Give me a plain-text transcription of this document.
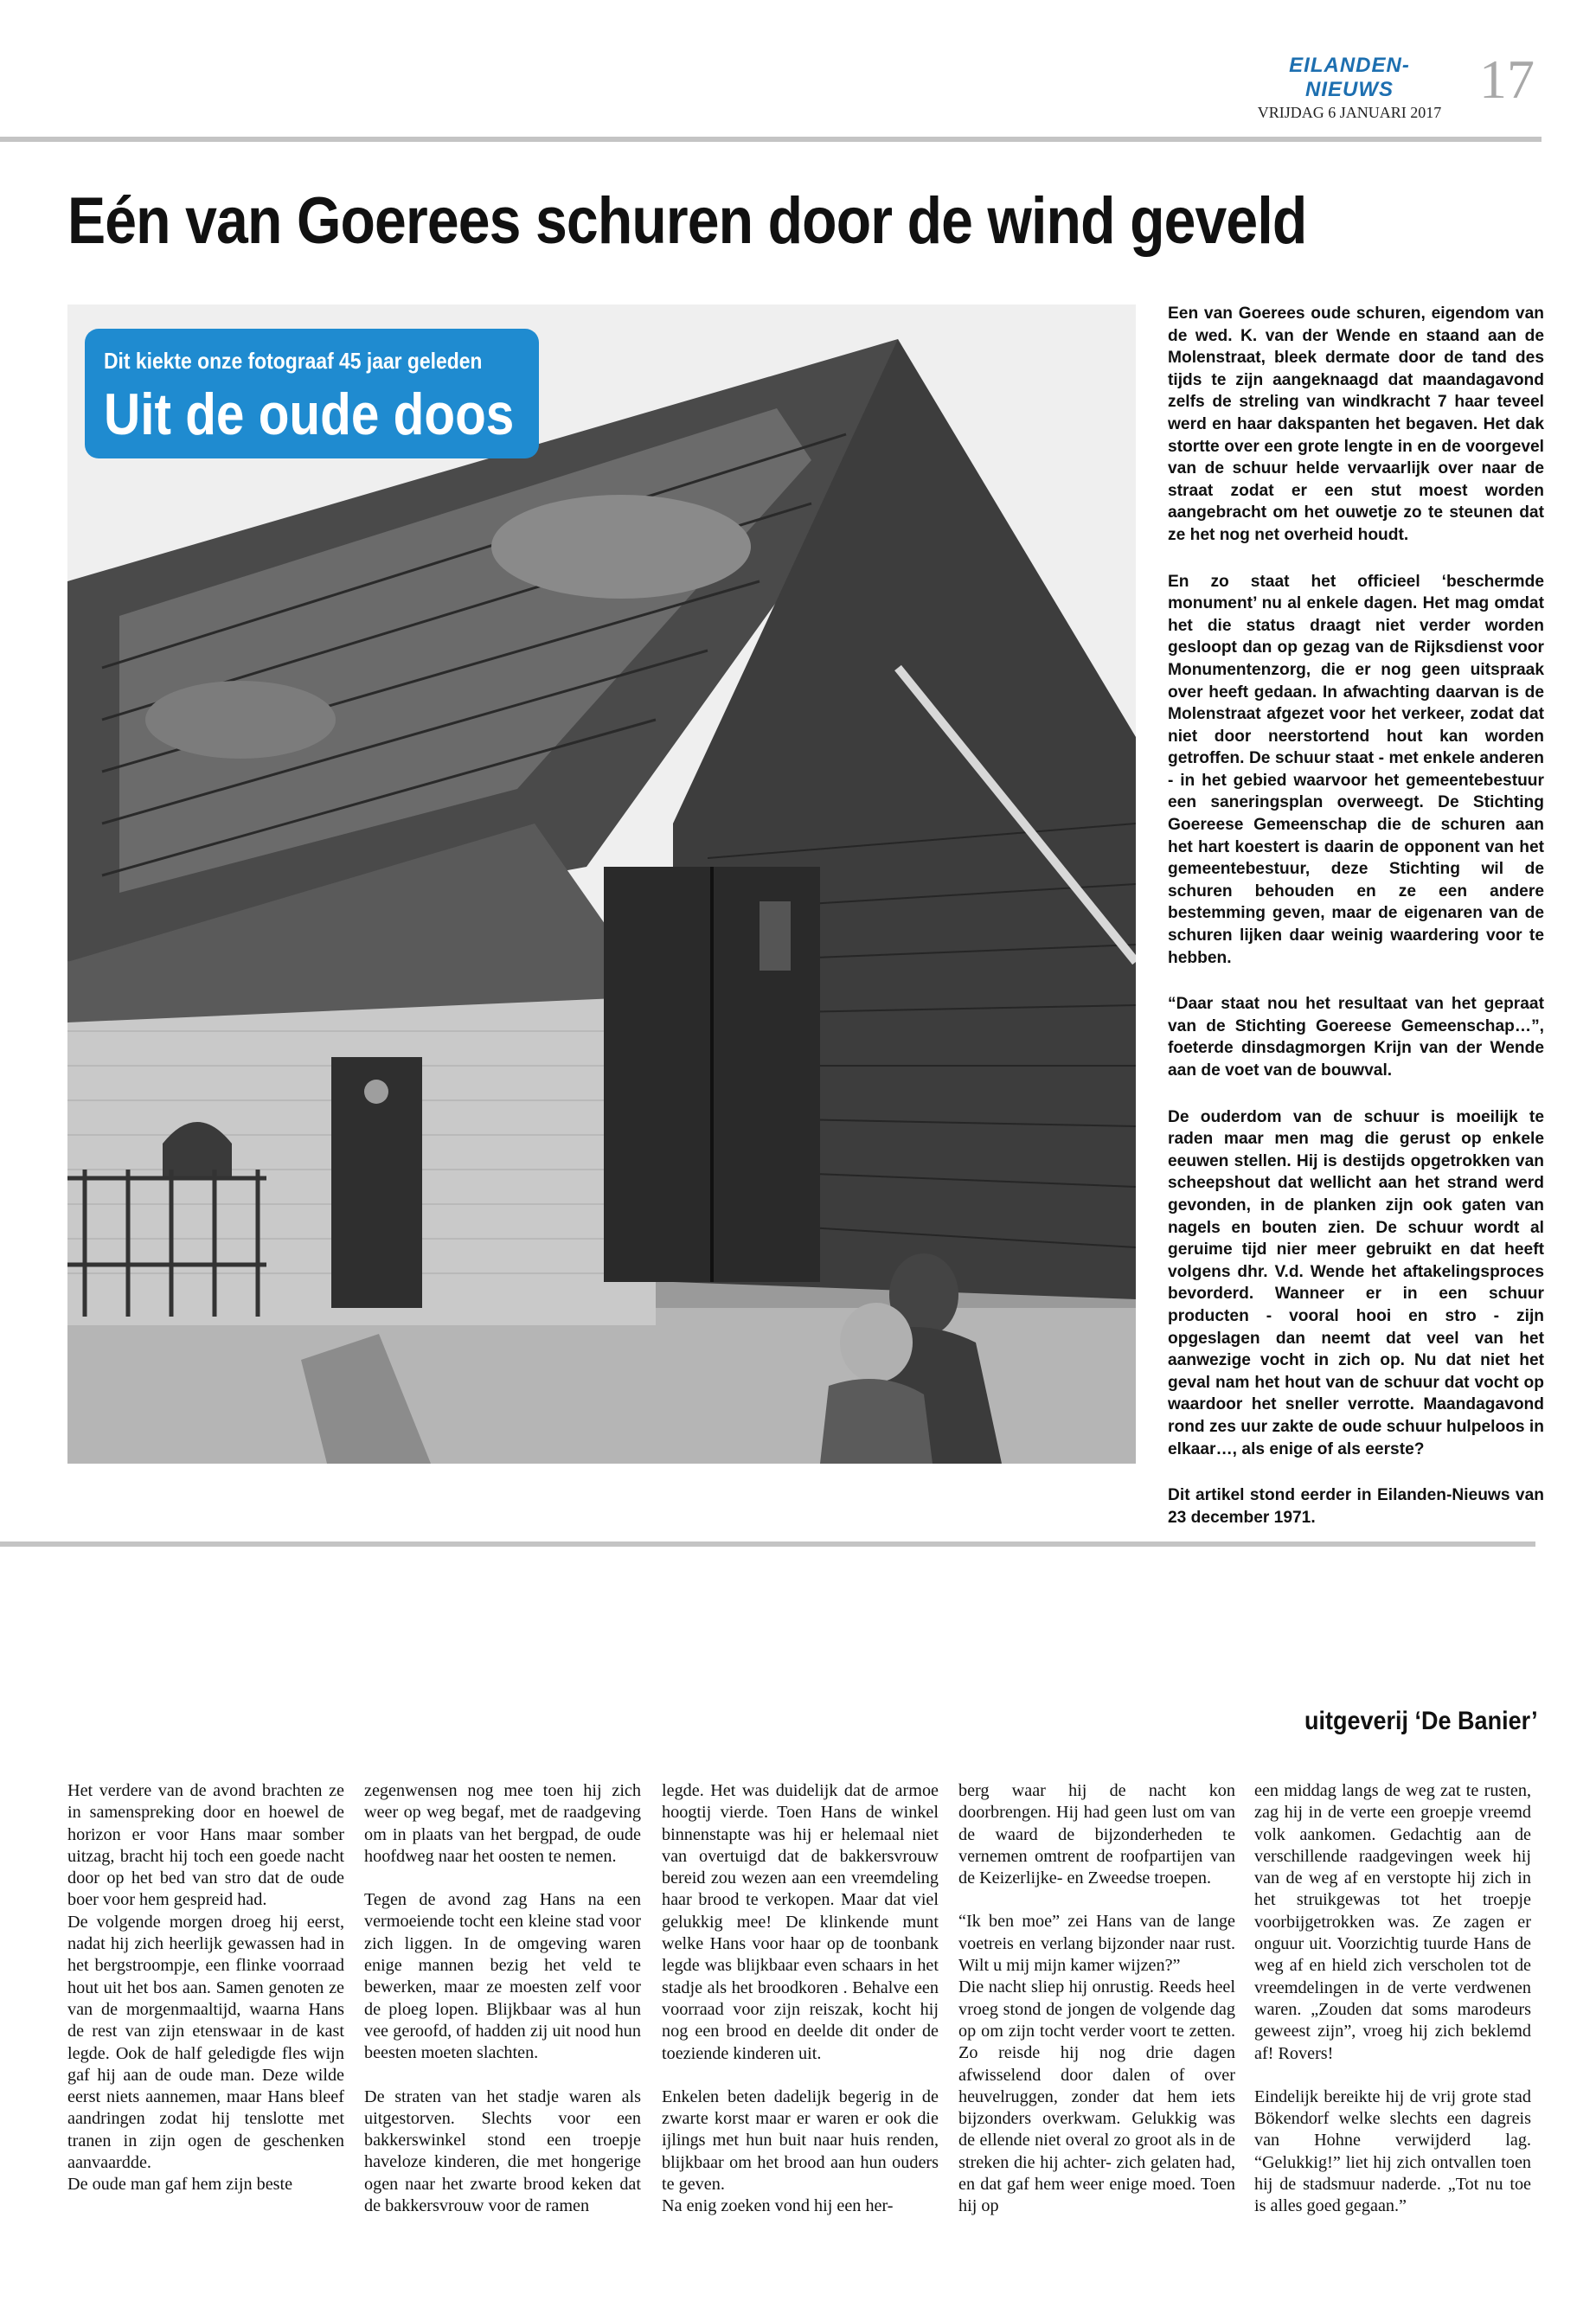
EILANDEN-NIEUWS
VRIJDAG 6 JANUARI 2017
17
Eén van Goerees schuren door de wind geveld
Dit kiekte onze fotograaf 45 jaar geleden
Uit de oude doos

Een van Goerees oude schuren, eigendom van de wed. K. van der Wende en staand aan de Molenstraat, bleek dermate door de tand des tijds te zijn aangeknaagd dat maandagavond zelfs de streling van windkracht 7 haar teveel werd en haar dakspanten het begaven. Het dak stortte over een grote lengte in en de voorgevel van de schuur helde vervaarlijk over naar de straat zodat er een stut moest worden aangebracht om het ouwetje zo te steunen dat ze het nog net overheid houdt.

En zo staat het officieel ‘beschermde monument’ nu al enkele dagen. Het mag omdat het die status draagt niet verder worden gesloopt dan op gezag van de Rijksdienst voor Monumentenzorg, die er nog geen uitspraak over heeft gedaan. In afwachting daarvan is de Molenstraat afgezet voor het verkeer, zodat dat niet door neerstortend hout kan worden getroffen. De schuur staat - met enkele anderen - in het gebied waarvoor het gemeentebestuur een saneringsplan overweegt. De Stichting Goereese Gemeenschap die de schuren aan het hart koestert is daarin de opponent van het gemeentebestuur, deze Stichting wil de schuren behouden en ze een andere bestemming geven, maar de eigenaren van de schuren lijken daar weinig waardering voor te hebben.

“Daar staat nou het resultaat van het gepraat van de Stichting Goereese Gemeenschap…”, foeterde dinsdagmorgen Krijn van der Wende aan de voet van de bouwval.

De ouderdom van de schuur is moeilijk te raden maar men mag die gerust op enkele eeuwen stellen. Hij is destijds opgetrokken van scheepshout dat wellicht aan het strand werd gevonden, in de planken zijn ook gaten van nagels en bouten zien. De schuur wordt al geruime tijd nier meer gebruikt en dat heeft volgens dhr. V.d. Wende het aftakelingsproces bevorderd. Wanneer er in een schuur producten - vooral hooi en stro - zijn opgeslagen dan neemt dat veel van het aanwezige vocht in zich op. Nu dat niet het geval nam het hout van de schuur dat vocht op waardoor het sneller verrotte. Maandagavond rond zes uur zakte de oude schuur hulpeloos in elkaar…, als enige of als eerste?

Dit artikel stond eerder in Eilanden-Nieuws van 23 december 1971.

uitgeverij ‘De Banier’

Het verdere van de avond brachten ze in samenspreking door en hoewel de horizon er voor Hans maar somber uitzag, bracht hij toch een goede nacht door op het bed van stro dat de oude boer voor hem gespreid had.
De volgende morgen droeg hij eerst, nadat hij zich heerlijk gewassen had in het bergstroompje, een flinke voorraad hout uit het bos aan. Samen genoten ze van de morgenmaaltijd, waarna Hans de rest van zijn etenswaar in de kast legde. Ook de half geledigde fles wijn gaf hij aan de oude man. Deze wilde eerst niets aannemen, maar Hans bleef aandringen zodat hij tenslotte met tranen in zijn ogen de geschenken aanvaardde.
De oude man gaf hem zijn beste

zegenwensen nog mee toen hij zich weer op weg begaf, met de raadgeving om in plaats van het bergpad, de oude hoofdweg naar het oosten te nemen.

Tegen de avond zag Hans na een vermoeiende tocht een kleine stad voor zich liggen. In de omgeving waren enige mannen bezig het veld te bewerken, maar ze moesten zelf voor de ploeg lopen. Blijkbaar was al hun vee geroofd, of hadden zij uit nood hun beesten moeten slachten.

De straten van het stadje waren als uitgestorven. Slechts voor een bakkerswinkel stond een troepje haveloze kinderen, die met hongerige ogen naar het zwarte brood keken dat de bakkersvrouw voor de ramen

legde. Het was duidelijk dat de armoe hoogtij vierde. Toen Hans de winkel binnenstapte was hij er helemaal niet van overtuigd dat de bakkersvrouw bereid zou wezen aan een vreemdeling haar brood te verkopen. Maar dat viel gelukkig mee! De klinkende munt welke Hans voor haar op de toonbank legde was blijkbaar even schaars in het stadje als het broodkoren . Behalve een voorraad voor zijn reiszak, kocht hij nog een brood en deelde dit onder de toeziende kinderen uit.

Enkelen beten dadelijk begerig in de zwarte korst maar er waren er ook die ijlings met hun buit naar huis renden, blijkbaar om het brood aan hun ouders te geven.
Na enig zoeken vond hij een her-

berg waar hij de nacht kon doorbrengen. Hij had geen lust om van de waard de bijzonderheden te vernemen omtrent de roofpartijen van de Keizerlijke- en Zweedse troepen.

“Ik ben moe” zei Hans van de lange voetreis en verlang bijzonder naar rust. Wilt u mij mijn kamer wijzen?”
Die nacht sliep hij onrustig. Reeds heel vroeg stond de jongen de volgende dag op om zijn tocht verder voort te zetten. Zo reisde hij nog drie dagen afwisselend door dalen of over heuvelruggen, zonder dat hem iets bijzonders overkwam. Gelukkig was de ellende niet overal zo groot als in de streken die hij achter- zich gelaten had, en dat gaf hem weer enige moed. Toen hij op

een middag langs de weg zat te rusten, zag hij in de verte een groepje vreemd volk aankomen. Gedachtig aan de verschillende raadgevingen week hij van de weg af en verstopte hij zich in het struikgewas tot het troepje voorbijgetrokken was. Ze zagen er onguur uit. Voorzichtig tuurde Hans de weg af en hield zich verscholen tot de vreemdelingen in de verte verdwenen waren. „Zouden dat soms marodeurs geweest zijn”, vroeg hij zich beklemd af! Rovers!

Eindelijk bereikte hij de vrij grote stad Bökendorf welke slechts een dagreis van Hohne verwijderd lag. “Gelukkig!” liet hij zich ontvallen toen hij de stadsmuur naderde. „Tot nu toe is alles goed gegaan.”
